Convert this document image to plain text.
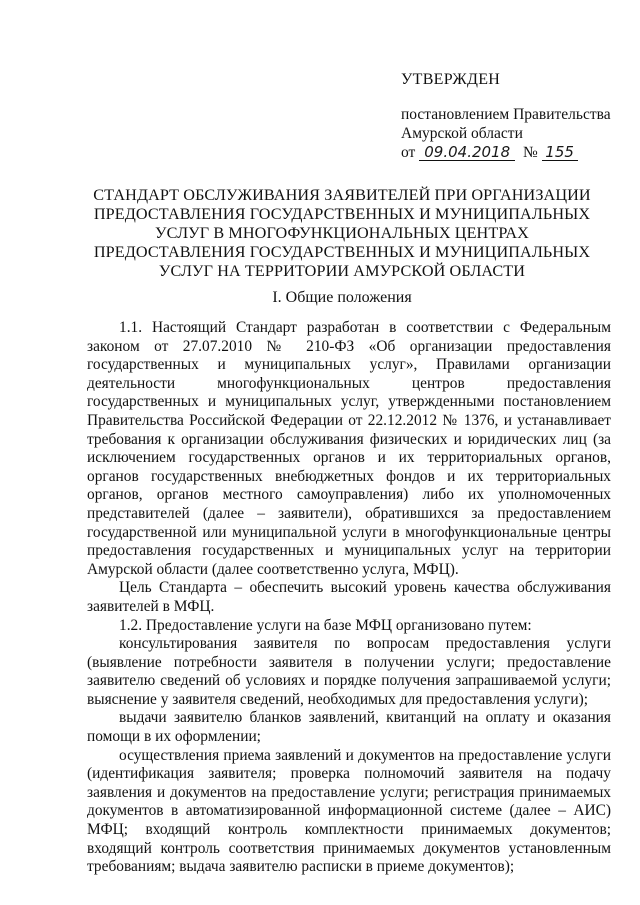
УТВЕРЖДЕН
постановлением Правительства
Амурской области
от 09.04.2018 № 155
СТАНДАРТ ОБСЛУЖИВАНИЯ ЗАЯВИТЕЛЕЙ ПРИ ОРГАНИЗАЦИИ ПРЕДОСТАВЛЕНИЯ ГОСУДАРСТВЕННЫХ И МУНИЦИПАЛЬНЫХ УСЛУГ В МНОГОФУНКЦИОНАЛЬНЫХ ЦЕНТРАХ ПРЕДОСТАВЛЕНИЯ ГОСУДАРСТВЕННЫХ И МУНИЦИПАЛЬНЫХ УСЛУГ НА ТЕРРИТОРИИ АМУРСКОЙ ОБЛАСТИ
I. Общие положения

1.1. Настоящий Стандарт разработан в соответствии с Федеральным законом от 27.07.2010 № 210-ФЗ «Об организации предоставления государственных и муниципальных услуг», Правилами организации деятельности многофункциональных центров предоставления государственных и муниципальных услуг, утвержденными постановлением Правительства Российской Федерации от 22.12.2012 № 1376, и устанавливает требования к организации обслуживания физических и юридических лиц (за исключением государственных органов и их территориальных органов, органов государственных внебюджетных фондов и их территориальных органов, органов местного самоуправления) либо их уполномоченных представителей (далее – заявители), обратившихся за предоставлением государственной или муниципальной услуги в многофункциональные центры предоставления государственных и муниципальных услуг на территории Амурской области (далее соответственно услуга, МФЦ).

Цель Стандарта – обеспечить высокий уровень качества обслуживания заявителей в МФЦ.

1.2. Предоставление услуги на базе МФЦ организовано путем:

консультирования заявителя по вопросам предоставления услуги (выявление потребности заявителя в получении услуги; предоставление заявителю сведений об условиях и порядке получения запрашиваемой услуги; выяснение у заявителя сведений, необходимых для предоставления услуги);

выдачи заявителю бланков заявлений, квитанций на оплату и оказания помощи в их оформлении;

осуществления приема заявлений и документов на предоставление услуги (идентификация заявителя; проверка полномочий заявителя на подачу заявления и документов на предоставление услуги; регистрация принимаемых документов в автоматизированной информационной системе (далее – АИС) МФЦ; входящий контроль комплектности принимаемых документов; входящий контроль соответствия принимаемых документов установленным требованиям; выдача заявителю расписки в приеме документов);
